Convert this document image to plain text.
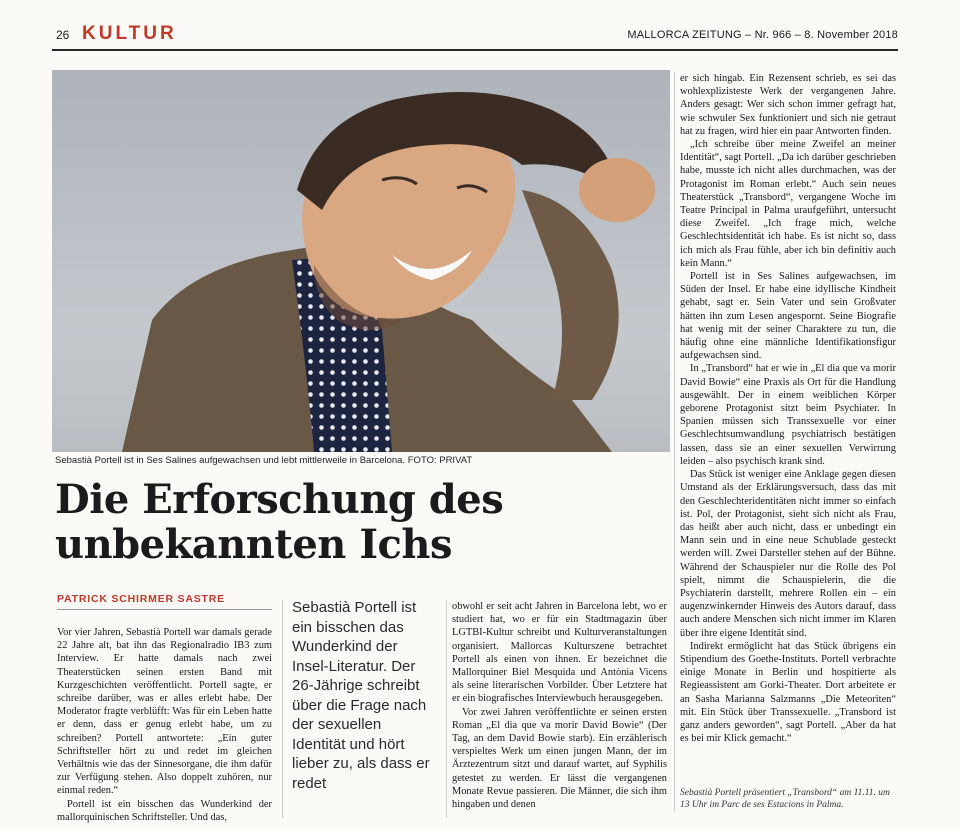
26 KULTUR	MALLORCA ZEITUNG – Nr. 966 – 8. November 2018
Sebastià Portell ist in Ses Salines aufgewachsen und lebt mittlerweile in Barcelona. FOTO: PRIVAT
Die Erforschung des
unbekannten Ichs
PATRICK SCHIRMER SASTRE

Vor vier Jahren, Sebastià Portell war damals gerade 22 Jahre alt, bat ihn das Regionalradio IB3 zum Interview. Er hatte damals nach zwei Theaterstücken seinen ersten Band mit Kurzgeschichten veröffentlicht. Portell sagte, er schreibe darüber, was er alles erlebt habe. Der Moderator fragte verblüfft: Was für ein Leben hatte er denn, dass er genug erlebt habe, um zu schreiben? Portell antwortete: „Ein guter Schriftsteller hört zu und redet im gleichen Verhältnis wie das der Sinnesorgane, die ihm dafür zur Verfügung stehen. Also doppelt zuhören, nur einmal reden.“

Portell ist ein bisschen das Wunderkind der mallorquinischen Schriftsteller. Und das,

Sebastià Portell ist ein bisschen das Wunderkind der Insel-Literatur. Der 26-Jährige schreibt über die Frage nach der sexuellen Identität und hört lieber zu, als dass er redet

obwohl er seit acht Jahren in Barcelona lebt, wo er studiert hat, wo er für ein Stadtmagazin über LGTBI-Kultur schreibt und Kulturveranstaltungen organisiert. Mallorcas Kulturszene betrachtet Portell als einen von ihnen. Er bezeichnet die Mallorquiner Biel Mesquida und Antònia Vicens als seine literarischen Vorbilder. Über Letztere hat er ein biografisches Interviewbuch herausgegeben.

Vor zwei Jahren veröffentlichte er seinen ersten Roman „El dia que va morir David Bowie“ (Der Tag, an dem David Bowie starb). Ein erzählerisch verspieltes Werk um einen jungen Mann, der im Ärztezentrum sitzt und darauf wartet, auf Syphilis getestet zu werden. Er lässt die vergangenen Monate Revue passieren. Die Männer, die sich ihm hingaben und denen

er sich hingab. Ein Rezensent schrieb, es sei das wohlexplizisteste Werk der vergangenen Jahre. Anders gesagt: Wer sich schon immer gefragt hat, wie schwuler Sex funktioniert und sich nie getraut hat zu fragen, wird hier ein paar Antworten finden.

„Ich schreibe über meine Zweifel an meiner Identität“, sagt Portell. „Da ich darüber geschrieben habe, musste ich nicht alles durchmachen, was der Protagonist im Roman erlebt.“ Auch sein neues Theaterstück „Transbord“, vergangene Woche im Teatre Principal in Palma uraufgeführt, untersucht diese Zweifel. „Ich frage mich, welche Geschlechtsidentität ich habe. Es ist nicht so, dass ich mich als Frau fühle, aber ich bin definitiv auch kein Mann.“

Portell ist in Ses Salines aufgewachsen, im Süden der Insel. Er habe eine idyllische Kindheit gehabt, sagt er. Sein Vater und sein Großvater hätten ihn zum Lesen angespornt. Seine Biografie hat wenig mit der seiner Charaktere zu tun, die häufig ohne eine männliche Identifikationsfigur aufgewachsen sind.

In „Transbord“ hat er wie in „El dia que va morir David Bowie“ eine Praxis als Ort für die Handlung ausgewählt. Der in einem weiblichen Körper geborene Protagonist sitzt beim Psychiater. In Spanien müssen sich Transsexuelle vor einer Geschlechtsumwandlung psychiatrisch bestätigen lassen, dass sie an einer sexuellen Verwirrung leiden – also psychisch krank sind.

Das Stück ist weniger eine Anklage gegen diesen Umstand als der Erklärungsversuch, dass das mit den Geschlechteridentitäten nicht immer so einfach ist. Pol, der Protagonist, sieht sich nicht als Frau, das heißt aber auch nicht, dass er unbedingt ein Mann sein und in eine neue Schublade gesteckt werden will. Zwei Darsteller stehen auf der Bühne. Während der Schauspieler nur die Rolle des Pol spielt, nimmt die Schauspielerin, die die Psychiaterin darstellt, mehrere Rollen ein – ein augenzwinkernder Hinweis des Autors darauf, dass auch andere Menschen sich nicht immer im Klaren über ihre eigene Identität sind.

Indirekt ermöglicht hat das Stück übrigens ein Stipendium des Goethe-Instituts. Portell verbrachte einige Monate in Berlin und hospitierte als Regieassistent am Gorki-Theater. Dort arbeitete er an Sasha Marianna Salzmanns „Die Meteoriten“ mit. Ein Stück über Transsexuelle. „Transbord ist ganz anders geworden“, sagt Portell. „Aber da hat es bei mir Klick gemacht.“

Sebastià Portell präsentiert „Transbord“ am 11.11. um 13 Uhr im Parc de ses Estacions in Palma.
